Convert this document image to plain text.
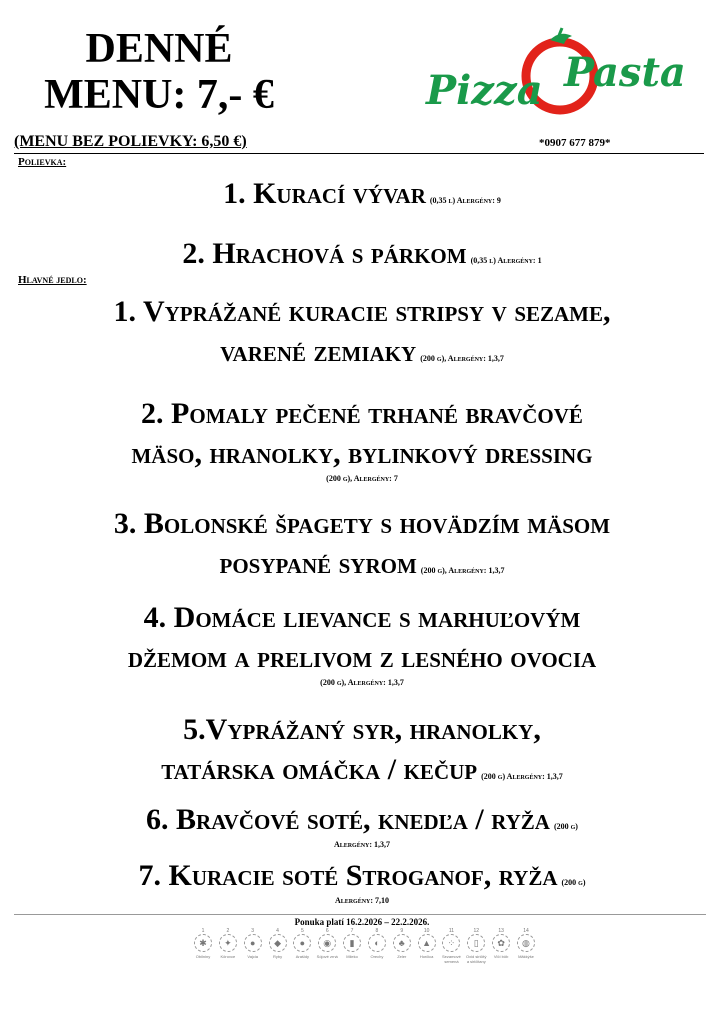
DENNÉ
MENU: 7,- €	Pizza Pasta
(MENU BEZ POLIEVKY: 6,50 €)	*0907 677 879*
Polievka:
1. Kurací vývar (0,35 l) Alergény: 9
2. Hrachová s párkom (0,35 l) Alergény: 1
Hlavné jedlo:
1. Vyprážané kuracie stripsy v sezame,
varené zemiaky (200 g), Alergény: 1,3,7
2. Pomaly pečené trhané bravčové
mäso, hranolky, bylinkový dressing
(200 g), Alergény: 7
3. Bolonské špagety s hovädzím mäsom
posypané syrom (200 g), Alergény: 1,3,7
4. Domáce lievance s marhuľovým
džemom a prelivom z lesného ovocia
(200 g), Alergény: 1,3,7
5.Vyprážaný syr, hranolky,
tatárska omáčka / kečup (200 g) Alergény: 1,3,7
6. Bravčové soté, knedľa / ryža (200 g)
Alergény: 1,3,7
7. Kuracie soté Stroganof, ryža (200 g)
Alergény: 7,10
Ponuka platí 16.2.2026 – 22.2.2026.
1
✱
Obilniny
2
✦
Kôrovce
3
●
Vajcia
4
◆
Ryby
5
●
Arašidy
6
◉
Sójové zrná
7
▮
Mlieko
8
◐
Orechy
9
♣
Zeler
10
▲
Horčica
11
⁘
Sezamové semená
12
▯
Oxid siričitý a siričitany
13
✿
Vlčí bôb
14
◍
Mäkkýše
